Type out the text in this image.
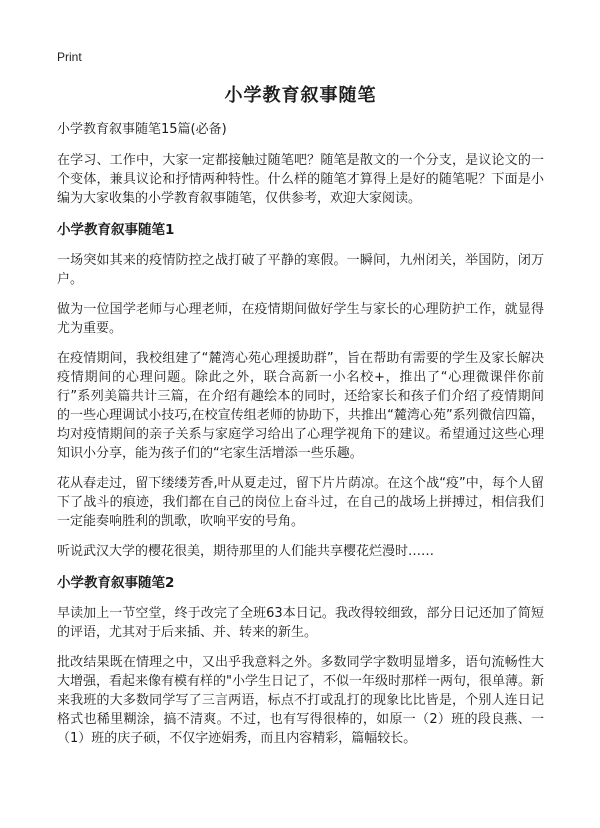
Print
小学教育叙事随笔
小学教育叙事随笔15篇(必备)

在学习、工作中，大家一定都接触过随笔吧？随笔是散文的一个分支，是议论文的一个变体，兼具议论和抒情两种特性。什么样的随笔才算得上是好的随笔呢？下面是小编为大家收集的小学教育叙事随笔，仅供参考，欢迎大家阅读。

小学教育叙事随笔1

一场突如其来的疫情防控之战打破了平静的寒假。一瞬间，九州闭关，举国防，闭万户。

做为一位国学老师与心理老师，在疫情期间做好学生与家长的心理防护工作，就显得尤为重要。

在疫情期间，我校组建了“麓湾心苑心理援助群”，旨在帮助有需要的学生及家长解决疫情期间的心理问题。除此之外，联合高新一小名校+，推出了“心理微课伴你前行”系列美篇共计三篇，在介绍有趣绘本的同时，还给家长和孩子们介绍了疫情期间的一些心理调试小技巧,在校宣传组老师的协助下，共推出“麓湾心苑”系列微信四篇，均对疫情期间的亲子关系与家庭学习给出了心理学视角下的建议。希望通过这些心理知识小分享，能为孩子们的“宅家生活增添一些乐趣。

花从春走过，留下缕缕芳香,叶从夏走过，留下片片荫凉。在这个战“疫”中，每个人留下了战斗的痕迹，我们都在自己的岗位上奋斗过，在自己的战场上拼搏过，相信我们一定能奏响胜利的凯歌，吹响平安的号角。

听说武汉大学的樱花很美，期待那里的人们能共享樱花烂漫时……

小学教育叙事随笔2

早读加上一节空堂，终于改完了全班63本日记。我改得较细致，部分日记还加了简短的评语，尤其对于后来插、并、转来的新生。

批改结果既在情理之中，又出乎我意料之外。多数同学字数明显增多，语句流畅性大大增强，看起来像有模有样的"小学生日记了，不似一年级时那样一两句，很单薄。新来我班的大多数同学写了三言两语，标点不打或乱打的现象比比皆是，个别人连日记格式也稀里糊涂，搞不清爽。不过，也有写得很棒的，如原一（2）班的段良燕、一（1）班的庆子硕，不仅字迹娟秀，而且内容精彩，篇幅较长。
